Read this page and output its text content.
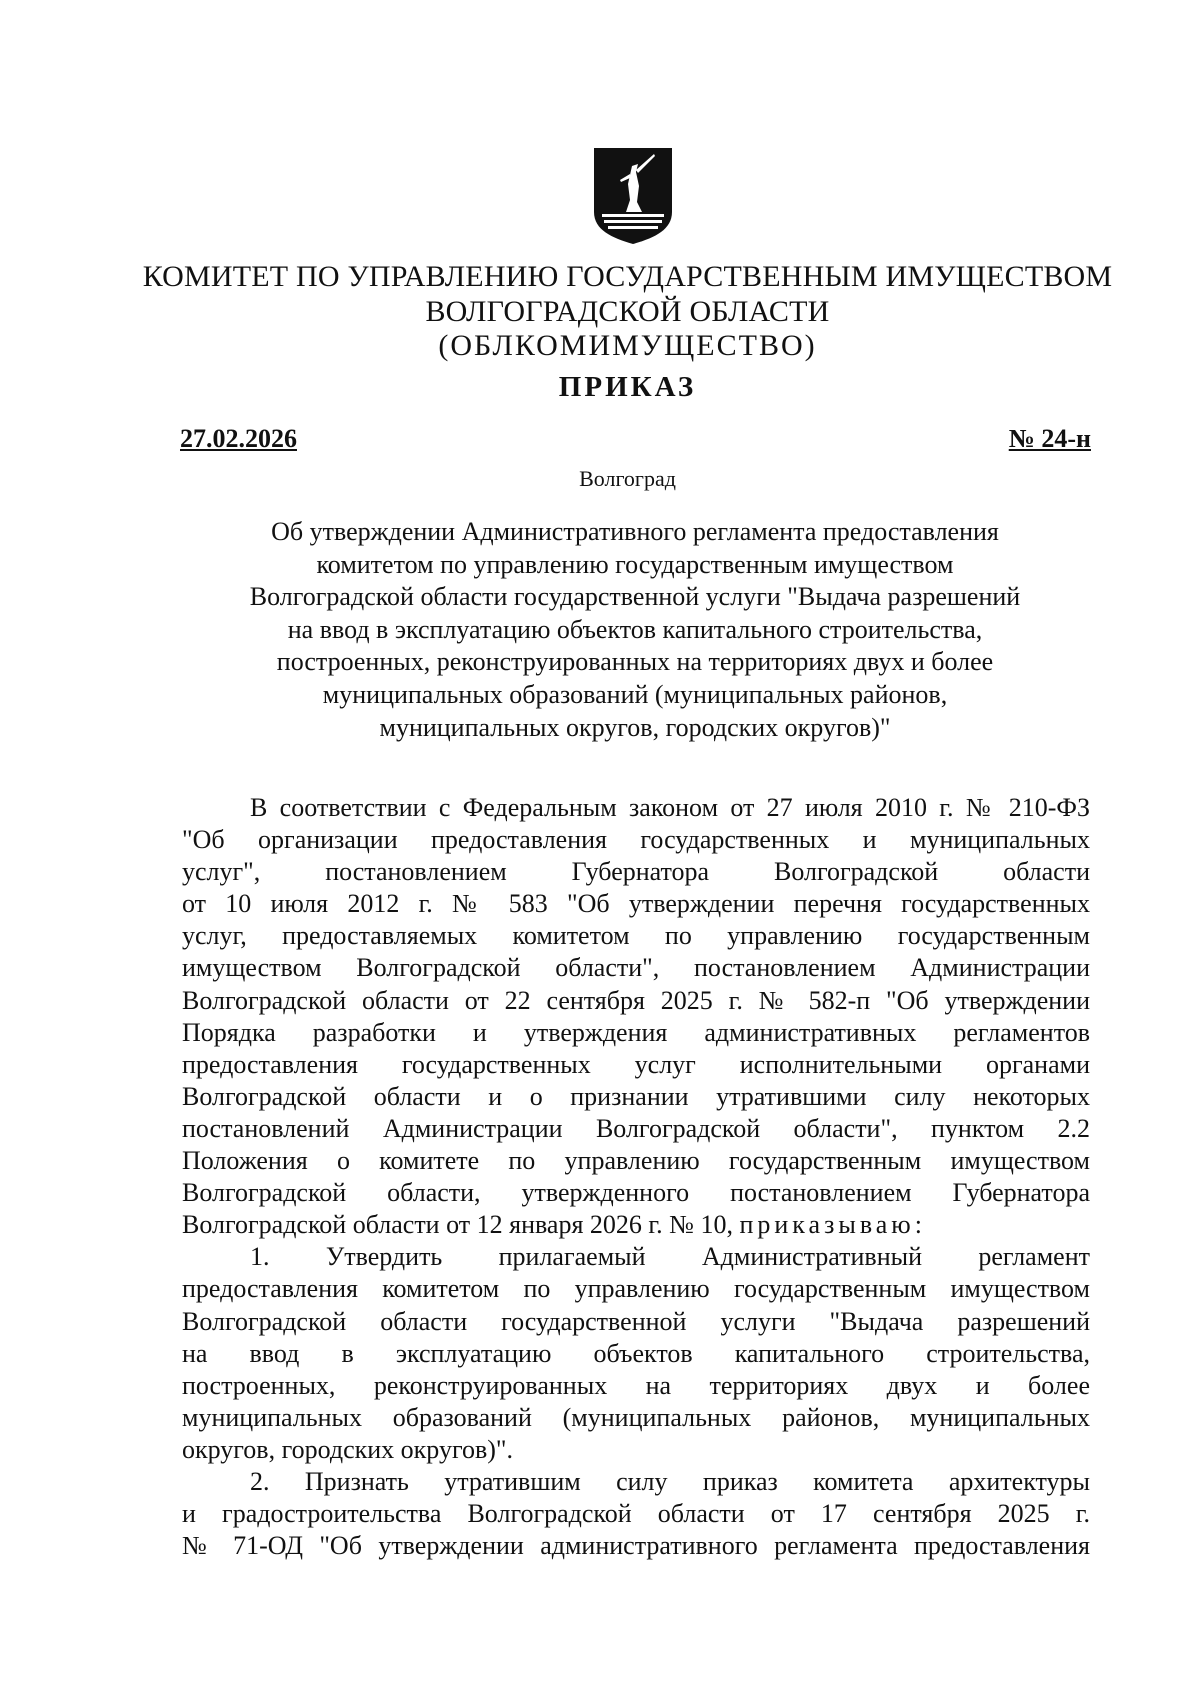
КОМИТЕТ ПО УПРАВЛЕНИЮ ГОСУДАРСТВЕННЫМ ИМУЩЕСТВОМ
ВОЛГОГРАДСКОЙ ОБЛАСТИ
(ОБЛКОМИМУЩЕСТВО)
ПРИКАЗ
27.02.2026	№ 24-н
Волгоград
Об утверждении Административного регламента предоставления
комитетом по управлению государственным имуществом
Волгоградской области государственной услуги "Выдача разрешений
на ввод в эксплуатацию объектов капитального строительства,
построенных, реконструированных на территориях двух и более
муниципальных образований (муниципальных районов,
муниципальных округов, городских округов)"
В соответствии с Федеральным законом от 27 июля 2010 г. № 210-ФЗ
"Об организации предоставления государственных и муниципальных
услуг", постановлением Губернатора Волгоградской области
от 10 июля 2012 г. № 583 "Об утверждении перечня государственных
услуг, предоставляемых комитетом по управлению государственным
имуществом Волгоградской области", постановлением Администрации
Волгоградской области от 22 сентября 2025 г. № 582-п "Об утверждении
Порядка разработки и утверждения административных регламентов
предоставления государственных услуг исполнительными органами
Волгоградской области и о признании утратившими силу некоторых
постановлений Администрации Волгоградской области", пунктом 2.2
Положения о комитете по управлению государственным имуществом
Волгоградской области, утвержденного постановлением Губернатора
Волгоградской области от 12 января 2026 г. № 10, приказываю:
1. Утвердить прилагаемый Административный регламент
предоставления комитетом по управлению государственным имуществом
Волгоградской области государственной услуги "Выдача разрешений
на ввод в эксплуатацию объектов капитального строительства,
построенных, реконструированных на территориях двух и более
муниципальных образований (муниципальных районов, муниципальных
округов, городских округов)".
2. Признать утратившим силу приказ комитета архитектуры
и градостроительства Волгоградской области от 17 сентября 2025 г.
№ 71-ОД "Об утверждении административного регламента предоставления
